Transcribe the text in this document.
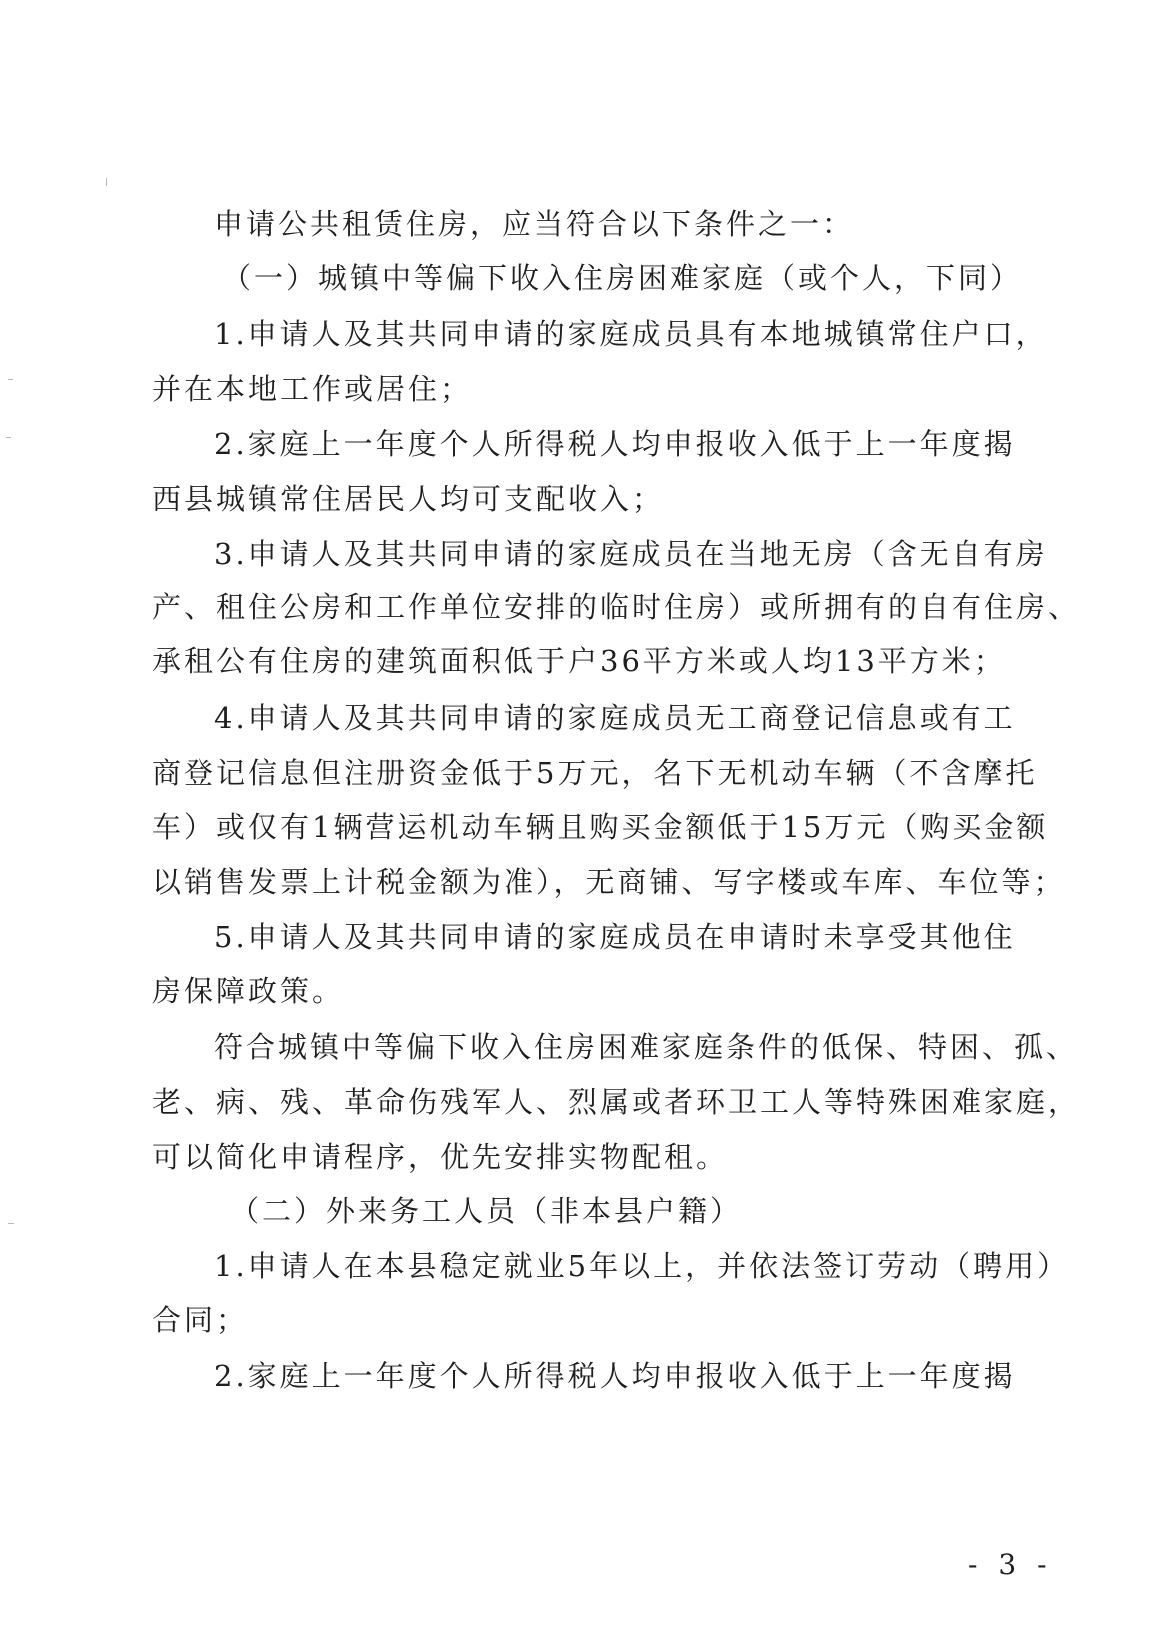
申请公共租赁住房，应当符合以下条件之一：
（一）城镇中等偏下收入住房困难家庭（或个人，下同）
1.申请人及其共同申请的家庭成员具有本地城镇常住户口，
并在本地工作或居住；
2.家庭上一年度个人所得税人均申报收入低于上一年度揭
西县城镇常住居民人均可支配收入；
3.申请人及其共同申请的家庭成员在当地无房（含无自有房
产、租住公房和工作单位安排的临时住房）或所拥有的自有住房、
承租公有住房的建筑面积低于户36平方米或人均13平方米；
4.申请人及其共同申请的家庭成员无工商登记信息或有工
商登记信息但注册资金低于5万元，名下无机动车辆（不含摩托
车）或仅有1辆营运机动车辆且购买金额低于15万元（购买金额
以销售发票上计税金额为准），无商铺、写字楼或车库、车位等；
5.申请人及其共同申请的家庭成员在申请时未享受其他住
房保障政策。
符合城镇中等偏下收入住房困难家庭条件的低保、特困、孤、
老、病、残、革命伤残军人、烈属或者环卫工人等特殊困难家庭，
可以简化申请程序，优先安排实物配租。
（二）外来务工人员（非本县户籍）
1.申请人在本县稳定就业5年以上，并依法签订劳动（聘用）
合同；
2.家庭上一年度个人所得税人均申报收入低于上一年度揭
- 3 -
